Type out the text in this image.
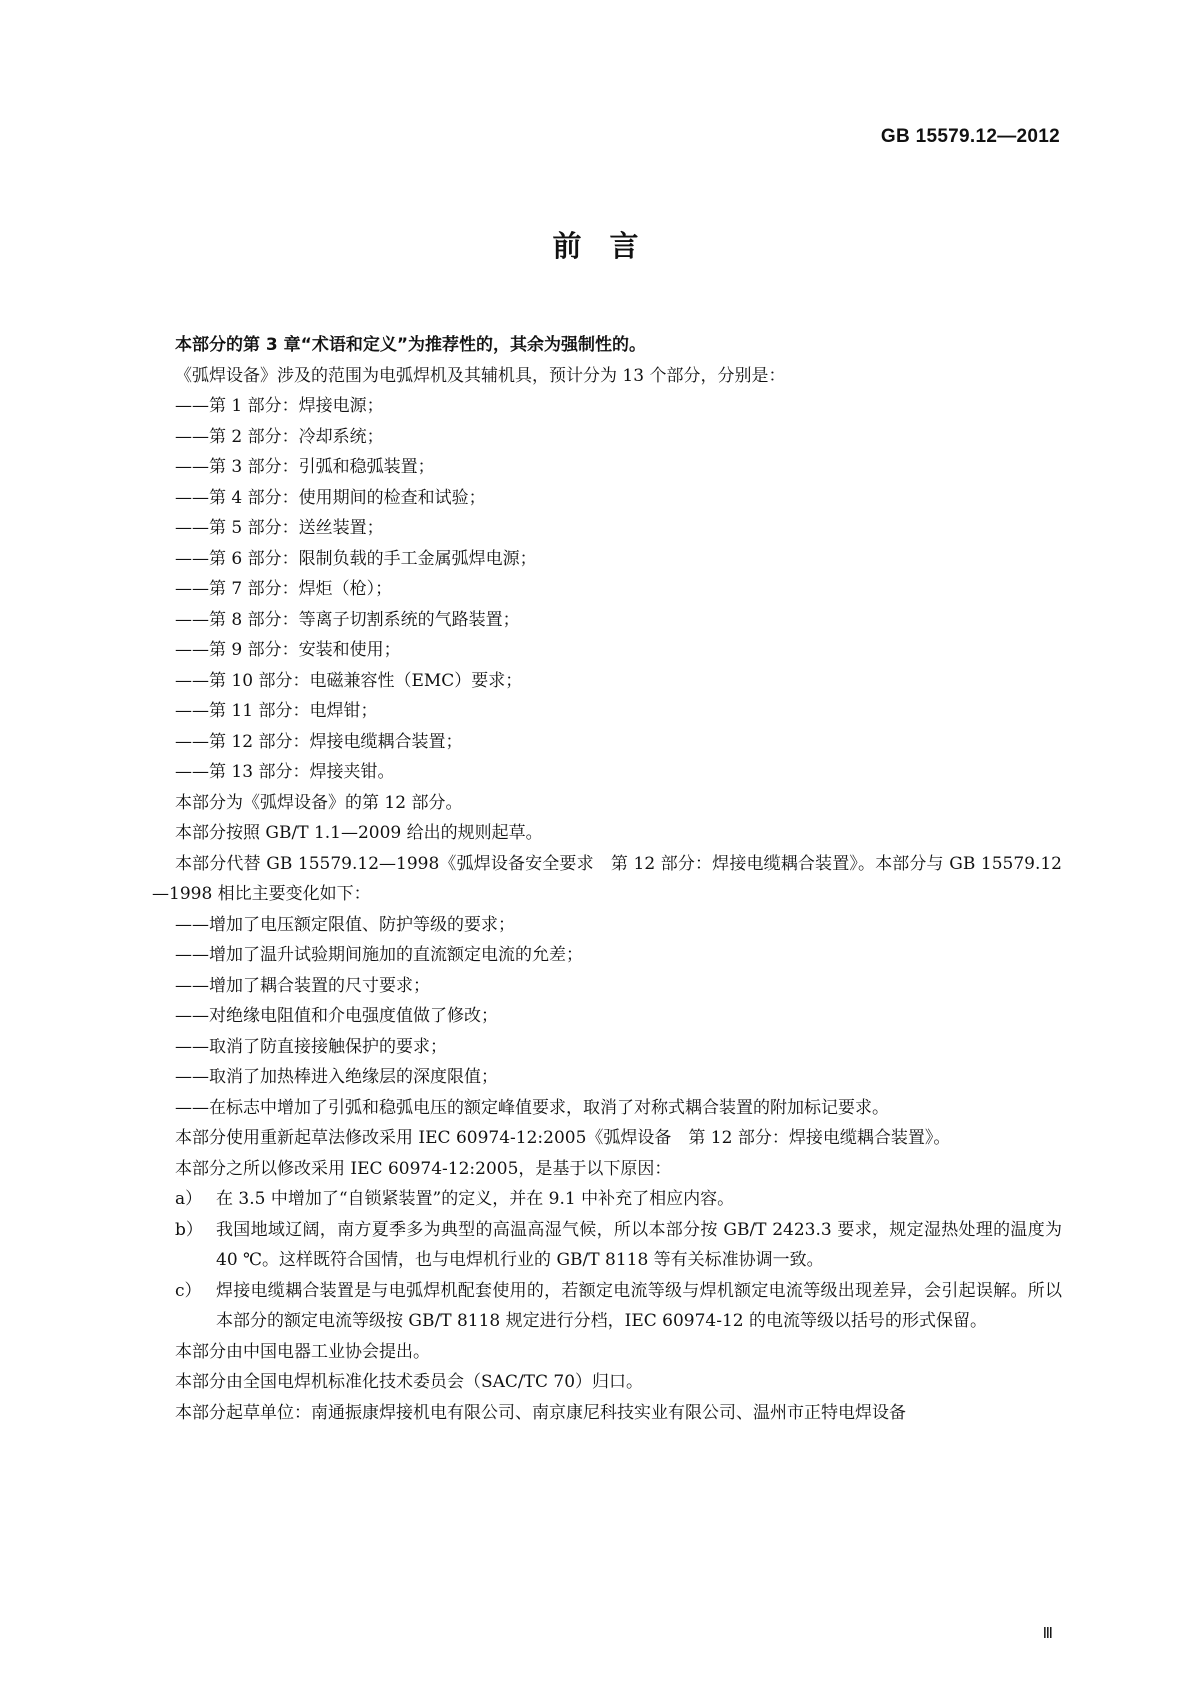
GB 15579.12—2012
前言
本部分的第 3 章“术语和定义”为推荐性的，其余为强制性的。
《弧焊设备》涉及的范围为电弧焊机及其辅机具，预计分为 13 个部分，分别是：
——第 1 部分：焊接电源；
——第 2 部分：冷却系统；
——第 3 部分：引弧和稳弧装置；
——第 4 部分：使用期间的检查和试验；
——第 5 部分：送丝装置；
——第 6 部分：限制负载的手工金属弧焊电源；
——第 7 部分：焊炬（枪）；
——第 8 部分：等离子切割系统的气路装置；
——第 9 部分：安装和使用；
——第 10 部分：电磁兼容性（EMC）要求；
——第 11 部分：电焊钳；
——第 12 部分：焊接电缆耦合装置；
——第 13 部分：焊接夹钳。
本部分为《弧焊设备》的第 12 部分。
本部分按照 GB/T 1.1—2009 给出的规则起草。
本部分代替 GB 15579.12—1998《弧焊设备安全要求　第 12 部分：焊接电缆耦合装置》。本部分与 GB 15579.12—1998 相比主要变化如下：
——增加了电压额定限值、防护等级的要求；
——增加了温升试验期间施加的直流额定电流的允差；
——增加了耦合装置的尺寸要求；
——对绝缘电阻值和介电强度值做了修改；
——取消了防直接接触保护的要求；
——取消了加热棒进入绝缘层的深度限值；
——在标志中增加了引弧和稳弧电压的额定峰值要求，取消了对称式耦合装置的附加标记要求。
本部分使用重新起草法修改采用 IEC 60974-12:2005《弧焊设备　第 12 部分：焊接电缆耦合装置》。
本部分之所以修改采用 IEC 60974-12:2005，是基于以下原因：
a） 在 3.5 中增加了“自锁紧装置”的定义，并在 9.1 中补充了相应内容。
b） 我国地域辽阔，南方夏季多为典型的高温高湿气候，所以本部分按 GB/T 2423.3 要求，规定湿热处理的温度为 40 ℃。这样既符合国情，也与电焊机行业的 GB/T 8118 等有关标准协调一致。
c） 焊接电缆耦合装置是与电弧焊机配套使用的，若额定电流等级与焊机额定电流等级出现差异，会引起误解。所以本部分的额定电流等级按 GB/T 8118 规定进行分档，IEC 60974-12 的电流等级以括号的形式保留。
本部分由中国电器工业协会提出。
本部分由全国电焊机标准化技术委员会（SAC/TC 70）归口。
本部分起草单位：南通振康焊接机电有限公司、南京康尼科技实业有限公司、温州市正特电焊设备
Ⅲ
